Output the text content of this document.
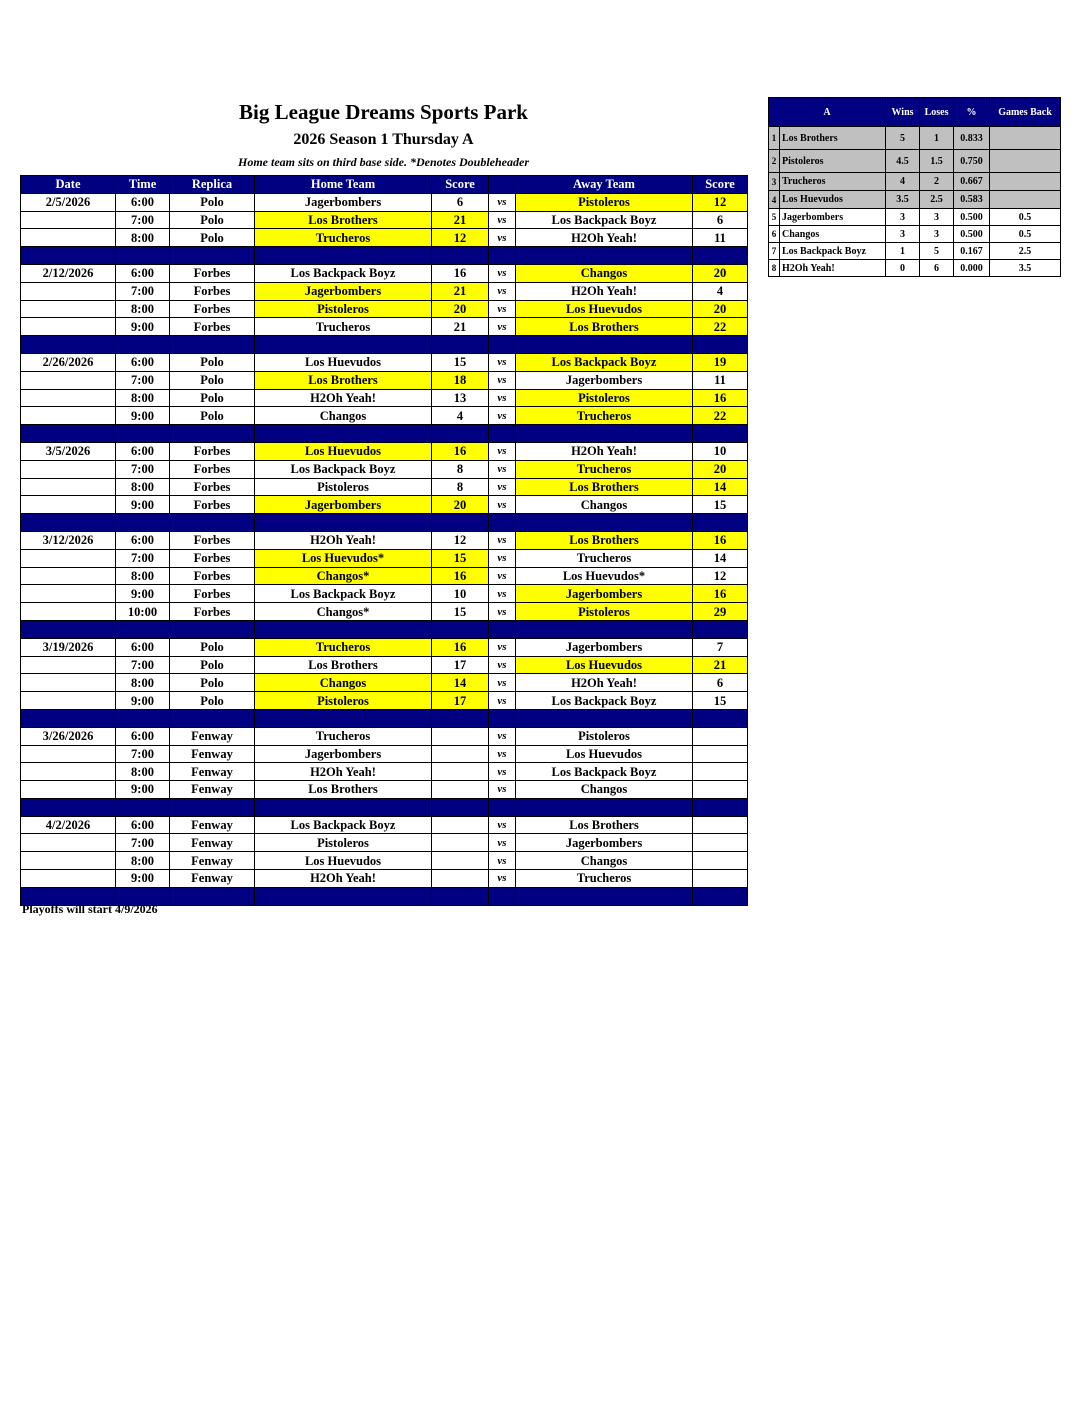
Big League Dreams Sports Park
2026 Season 1 Thursday A
Home team sits on third base side. *Denotes Doubleheader
Date	Time	Replica	Home Team	Score		Away Team	Score
2/5/2026	6:00	Polo	Jagerbombers	6	vs	Pistoleros	12
	7:00	Polo	Los Brothers	21	vs	Los Backpack Boyz	6
	8:00	Polo	Trucheros	12	vs	H2Oh Yeah!	11

2/12/2026	6:00	Forbes	Los Backpack Boyz	16	vs	Changos	20
	7:00	Forbes	Jagerbombers	21	vs	H2Oh Yeah!	4
	8:00	Forbes	Pistoleros	20	vs	Los Huevudos	20
	9:00	Forbes	Trucheros	21	vs	Los Brothers	22

2/26/2026	6:00	Polo	Los Huevudos	15	vs	Los Backpack Boyz	19
	7:00	Polo	Los Brothers	18	vs	Jagerbombers	11
	8:00	Polo	H2Oh Yeah!	13	vs	Pistoleros	16
	9:00	Polo	Changos	4	vs	Trucheros	22

3/5/2026	6:00	Forbes	Los Huevudos	16	vs	H2Oh Yeah!	10
	7:00	Forbes	Los Backpack Boyz	8	vs	Trucheros	20
	8:00	Forbes	Pistoleros	8	vs	Los Brothers	14
	9:00	Forbes	Jagerbombers	20	vs	Changos	15

3/12/2026	6:00	Forbes	H2Oh Yeah!	12	vs	Los Brothers	16
	7:00	Forbes	Los Huevudos*	15	vs	Trucheros	14
	8:00	Forbes	Changos*	16	vs	Los Huevudos*	12
	9:00	Forbes	Los Backpack Boyz	10	vs	Jagerbombers	16
	10:00	Forbes	Changos*	15	vs	Pistoleros	29

3/19/2026	6:00	Polo	Trucheros	16	vs	Jagerbombers	7
	7:00	Polo	Los Brothers	17	vs	Los Huevudos	21
	8:00	Polo	Changos	14	vs	H2Oh Yeah!	6
	9:00	Polo	Pistoleros	17	vs	Los Backpack Boyz	15

3/26/2026	6:00	Fenway	Trucheros		vs	Pistoleros	
	7:00	Fenway	Jagerbombers		vs	Los Huevudos	
	8:00	Fenway	H2Oh Yeah!		vs	Los Backpack Boyz	
	9:00	Fenway	Los Brothers		vs	Changos	

4/2/2026	6:00	Fenway	Los Backpack Boyz		vs	Los Brothers	
	7:00	Fenway	Pistoleros		vs	Jagerbombers	
	8:00	Fenway	Los Huevudos		vs	Changos	
	9:00	Fenway	H2Oh Yeah!		vs	Trucheros	

Playoffs will start 4/9/2026
A		Wins	Loses	%	Games Back
1	Los Brothers	5	1	0.833	
2	Pistoleros	4.5	1.5	0.750	
3	Trucheros	4	2	0.667	
4	Los Huevudos	3.5	2.5	0.583	
5	Jagerbombers	3	3	0.500	0.5
6	Changos	3	3	0.500	0.5
7	Los Backpack Boyz	1	5	0.167	2.5
8	H2Oh Yeah!	0	6	0.000	3.5
